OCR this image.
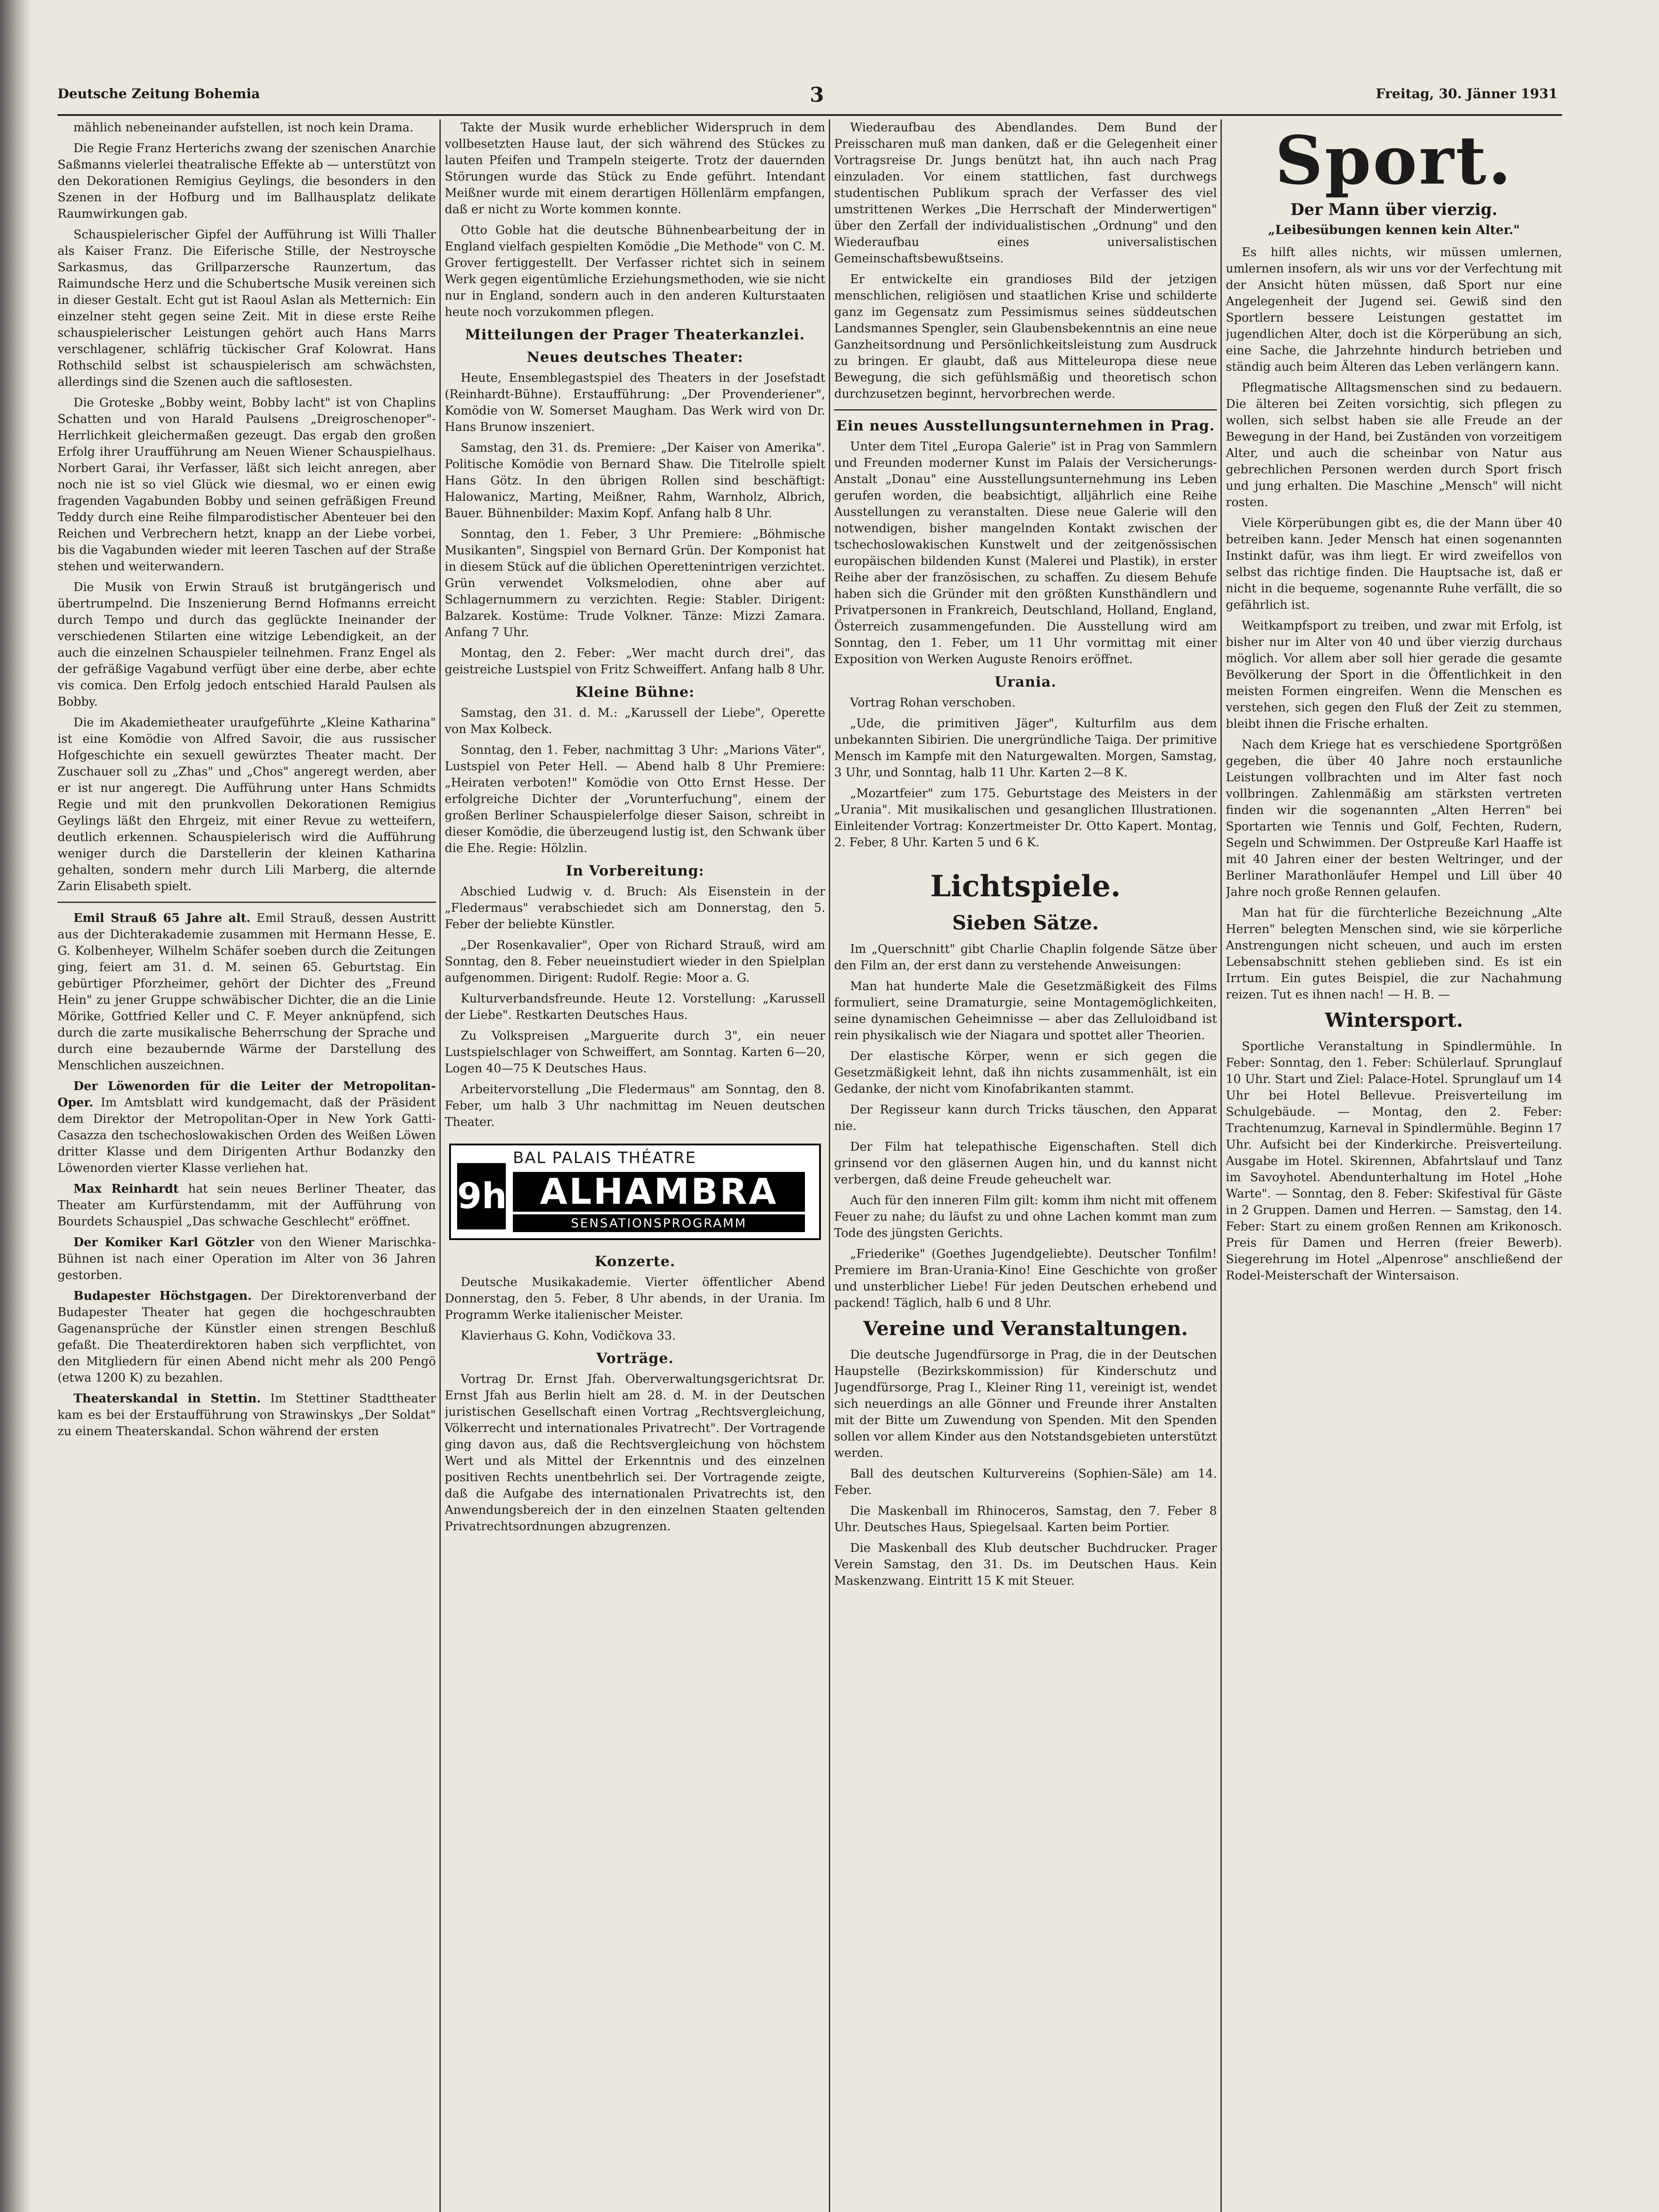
Deutsche Zeitung Bohemia	3	Freitag, 30. Jänner 1931

mählich nebeneinander aufstellen, ist noch kein Drama.

Die Regie Franz Herterichs zwang der szenischen Anarchie Saßmanns vielerlei theatralische Effekte ab — unterstützt von den Dekorationen Remigius Geylings, die besonders in den Szenen in der Hofburg und im Ballhausplatz delikate Raumwirkungen gab.

Schauspielerischer Gipfel der Aufführung ist Willi Thaller als Kaiser Franz. Die Eiferische Stille, der Nestroysche Sarkasmus, das Grillparzersche Raunzertum, das Raimundsche Herz und die Schubertsche Musik vereinen sich in dieser Gestalt. Echt gut ist Raoul Aslan als Metternich: Ein einzelner steht gegen seine Zeit. Mit in diese erste Reihe schauspielerischer Leistungen gehört auch Hans Marrs verschlagener, schläfrig tückischer Graf Kolowrat. Hans Rothschild selbst ist schauspielerisch am schwächsten, allerdings sind die Szenen auch die saftlosesten.

Die Groteske „Bobby weint, Bobby lacht" ist von Chaplins Schatten und von Harald Paulsens „Dreigroschenoper"-Herrlichkeit gleichermaßen gezeugt. Das ergab den großen Erfolg ihrer Uraufführung am Neuen Wiener Schauspielhaus. Norbert Garai, ihr Verfasser, läßt sich leicht anregen, aber noch nie ist so viel Glück wie diesmal, wo er einen ewig fragenden Vagabunden Bobby und seinen gefräßigen Freund Teddy durch eine Reihe filmparodistischer Abenteuer bei den Reichen und Verbrechern hetzt, knapp an der Liebe vorbei, bis die Vagabunden wieder mit leeren Taschen auf der Straße stehen und weiterwandern.

Die Musik von Erwin Strauß ist brutgängerisch und übertrumpelnd. Die Inszenierung Bernd Hofmanns erreicht durch Tempo und durch das geglückte Ineinander der verschiedenen Stilarten eine witzige Lebendigkeit, an der auch die einzelnen Schauspieler teilnehmen. Franz Engel als der gefräßige Vagabund verfügt über eine derbe, aber echte vis comica. Den Erfolg jedoch entschied Harald Paulsen als Bobby.

Die im Akademietheater uraufgeführte „Kleine Katharina" ist eine Komödie von Alfred Savoir, die aus russischer Hofgeschichte ein sexuell gewürztes Theater macht. Der Zuschauer soll zu „Zhas" und „Chos" angeregt werden, aber er ist nur angeregt. Die Aufführung unter Hans Schmidts Regie und mit den prunkvollen Dekorationen Remigius Geylings läßt den Ehrgeiz, mit einer Revue zu wetteifern, deutlich erkennen. Schauspielerisch wird die Aufführung weniger durch die Darstellerin der kleinen Katharina gehalten, sondern mehr durch Lili Marberg, die alternde Zarin Elisabeth spielt.

Emil Strauß 65 Jahre alt. Emil Strauß, dessen Austritt aus der Dichterakademie zusammen mit Hermann Hesse, E. G. Kolbenheyer, Wilhelm Schäfer soeben durch die Zeitungen ging, feiert am 31. d. M. seinen 65. Geburtstag. Ein gebürtiger Pforzheimer, gehört der Dichter des „Freund Hein" zu jener Gruppe schwäbischer Dichter, die an die Linie Mörike, Gottfried Keller und C. F. Meyer anknüpfend, sich durch die zarte musikalische Beherrschung der Sprache und durch eine bezaubernde Wärme der Darstellung des Menschlichen auszeichnen.

Der Löwenorden für die Leiter der Metropolitan-Oper. Im Amtsblatt wird kundgemacht, daß der Präsident dem Direktor der Metropolitan-Oper in New York Gatti-Casazza den tschechoslowakischen Orden des Weißen Löwen dritter Klasse und dem Dirigenten Arthur Bodanzky den Löwenorden vierter Klasse verliehen hat.

Max Reinhardt hat sein neues Berliner Theater, das Theater am Kurfürstendamm, mit der Aufführung von Bourdets Schauspiel „Das schwache Geschlecht" eröffnet.

Der Komiker Karl Götzler von den Wiener Marischka-Bühnen ist nach einer Operation im Alter von 36 Jahren gestorben.

Budapester Höchstgagen. Der Direktorenverband der Budapester Theater hat gegen die hochgeschraubten Gagenansprüche der Künstler einen strengen Beschluß gefaßt. Die Theaterdirektoren haben sich verpflichtet, von den Mitgliedern für einen Abend nicht mehr als 200 Pengö (etwa 1200 K) zu bezahlen.

Theaterskandal in Stettin. Im Stettiner Stadttheater kam es bei der Erstaufführung von Strawinskys „Der Soldat" zu einem Theaterskandal. Schon während der ersten

Takte der Musik wurde erheblicher Widerspruch in dem vollbesetzten Hause laut, der sich während des Stückes zu lauten Pfeifen und Trampeln steigerte. Trotz der dauernden Störungen wurde das Stück zu Ende geführt. Intendant Meißner wurde mit einem derartigen Höllenlärm empfangen, daß er nicht zu Worte kommen konnte.

Otto Goble hat die deutsche Bühnenbearbeitung der in England vielfach gespielten Komödie „Die Methode" von C. M. Grover fertiggestellt. Der Verfasser richtet sich in seinem Werk gegen eigentümliche Erziehungsmethoden, wie sie nicht nur in England, sondern auch in den anderen Kulturstaaten heute noch vorzukommen pflegen.

Mitteilungen der Prager Theaterkanzlei.
Neues deutsches Theater:

Heute, Ensemblegastspiel des Theaters in der Josefstadt (Reinhardt-Bühne). Erstaufführung: „Der Provenderiener", Komödie von W. Somerset Maugham. Das Werk wird von Dr. Hans Brunow inszeniert.

Samstag, den 31. ds. Premiere: „Der Kaiser von Amerika". Politische Komödie von Bernard Shaw. Die Titelrolle spielt Hans Götz. In den übrigen Rollen sind beschäftigt: Halowanicz, Marting, Meißner, Rahm, Warnholz, Albrich, Bauer. Bühnenbilder: Maxim Kopf. Anfang halb 8 Uhr.

Sonntag, den 1. Feber, 3 Uhr Premiere: „Böhmische Musikanten", Singspiel von Bernard Grün. Der Komponist hat in diesem Stück auf die üblichen Operettenintrigen verzichtet. Grün verwendet Volksmelodien, ohne aber auf Schlagernummern zu verzichten. Regie: Stabler. Dirigent: Balzarek. Kostüme: Trude Volkner. Tänze: Mizzi Zamara. Anfang 7 Uhr.

Montag, den 2. Feber: „Wer macht durch drei", das geistreiche Lustspiel von Fritz Schweiffert. Anfang halb 8 Uhr.

Kleine Bühne:

Samstag, den 31. d. M.: „Karussell der Liebe", Operette von Max Kolbeck.

Sonntag, den 1. Feber, nachmittag 3 Uhr: „Marions Väter", Lustspiel von Peter Hell. — Abend halb 8 Uhr Premiere: „Heiraten verboten!" Komödie von Otto Ernst Hesse. Der erfolgreiche Dichter der „Vorunterfuchung", einem der großen Berliner Schauspielerfolge dieser Saison, schreibt in dieser Komödie, die überzeugend lustig ist, den Schwank über die Ehe. Regie: Hölzlin.

In Vorbereitung:

Abschied Ludwig v. d. Bruch: Als Eisenstein in der „Fledermaus" verabschiedet sich am Donnerstag, den 5. Feber der beliebte Künstler.

„Der Rosenkavalier", Oper von Richard Strauß, wird am Sonntag, den 8. Feber neueinstudiert wieder in den Spielplan aufgenommen. Dirigent: Rudolf. Regie: Moor a. G.

Kulturverbandsfreunde. Heute 12. Vorstellung: „Karussell der Liebe". Restkarten Deutsches Haus.

Zu Volkspreisen „Marguerite durch 3", ein neuer Lustspielschlager von Schweiffert, am Sonntag. Karten 6—20, Logen 40—75 K Deutsches Haus.

Arbeitervorstellung „Die Fledermaus" am Sonntag, den 8. Feber, um halb 3 Uhr nachmittag im Neuen deutschen Theater.

BAL PALAIS THÉATRE
9h ALHAMBRA
SENSATIONSPROGRAMM
Konzerte.

Deutsche Musikakademie. Vierter öffentlicher Abend Donnerstag, den 5. Feber, 8 Uhr abends, in der Urania. Im Programm Werke italienischer Meister.

Klavierhaus G. Kohn, Vodičkova 33.

Vorträge.

Vortrag Dr. Ernst Jfah. Oberverwaltungsgerichtsrat Dr. Ernst Jfah aus Berlin hielt am 28. d. M. in der Deutschen juristischen Gesellschaft einen Vortrag „Rechtsvergleichung, Völkerrecht und internationales Privatrecht". Der Vortragende ging davon aus, daß die Rechtsvergleichung von höchstem Wert und als Mittel der Erkenntnis und des einzelnen positiven Rechts unentbehrlich sei. Der Vortragende zeigte, daß die Aufgabe des internationalen Privatrechts ist, den Anwendungsbereich der in den einzelnen Staaten geltenden Privatrechtsordnungen abzugrenzen.

Wiederaufbau des Abendlandes. Dem Bund der Preisscharen muß man danken, daß er die Gelegenheit einer Vortragsreise Dr. Jungs benützt hat, ihn auch nach Prag einzuladen. Vor einem stattlichen, fast durchwegs studentischen Publikum sprach der Verfasser des viel umstrittenen Werkes „Die Herrschaft der Minderwertigen" über den Zerfall der individualistischen „Ordnung" und den Wiederaufbau eines universalistischen Gemeinschaftsbewußtseins.

Er entwickelte ein grandioses Bild der jetzigen menschlichen, religiösen und staatlichen Krise und schilderte ganz im Gegensatz zum Pessimismus seines süddeutschen Landsmannes Spengler, sein Glaubensbekenntnis an eine neue Ganzheitsordnung und Persönlichkeitsleistung zum Ausdruck zu bringen. Er glaubt, daß aus Mitteleuropa diese neue Bewegung, die sich gefühlsmäßig und theoretisch schon durchzusetzen beginnt, hervorbrechen werde.

Ein neues Ausstellungsunternehmen in Prag.

Unter dem Titel „Europa Galerie" ist in Prag von Sammlern und Freunden moderner Kunst im Palais der Versicherungs-Anstalt „Donau" eine Ausstellungsunternehmung ins Leben gerufen worden, die beabsichtigt, alljährlich eine Reihe Ausstellungen zu veranstalten. Diese neue Galerie will den notwendigen, bisher mangelnden Kontakt zwischen der tschechoslowakischen Kunstwelt und der zeitgenössischen europäischen bildenden Kunst (Malerei und Plastik), in erster Reihe aber der französischen, zu schaffen. Zu diesem Behufe haben sich die Gründer mit den größten Kunsthändlern und Privatpersonen in Frankreich, Deutschland, Holland, England, Österreich zusammengefunden. Die Ausstellung wird am Sonntag, den 1. Feber, um 11 Uhr vormittag mit einer Exposition von Werken Auguste Renoirs eröffnet.

Urania.

Vortrag Rohan verschoben.

„Ude, die primitiven Jäger", Kulturfilm aus dem unbekannten Sibirien. Die unergründliche Taiga. Der primitive Mensch im Kampfe mit den Naturgewalten. Morgen, Samstag, 3 Uhr, und Sonntag, halb 11 Uhr. Karten 2—8 K.

„Mozartfeier" zum 175. Geburtstage des Meisters in der „Urania". Mit musikalischen und gesanglichen Illustrationen. Einleitender Vortrag: Konzertmeister Dr. Otto Kapert. Montag, 2. Feber, 8 Uhr. Karten 5 und 6 K.

Lichtspiele.
Sieben Sätze.

Im „Querschnitt" gibt Charlie Chaplin folgende Sätze über den Film an, der erst dann zu verstehende Anweisungen:

Man hat hunderte Male die Gesetzmäßigkeit des Films formuliert, seine Dramaturgie, seine Montagemöglichkeiten, seine dynamischen Geheimnisse — aber das Zelluloidband ist rein physikalisch wie der Niagara und spottet aller Theorien.

Der elastische Körper, wenn er sich gegen die Gesetzmäßigkeit lehnt, daß ihn nichts zusammenhält, ist ein Gedanke, der nicht vom Kinofabrikanten stammt.

Der Regisseur kann durch Tricks täuschen, den Apparat nie.

Der Film hat telepathische Eigenschaften. Stell dich grinsend vor den gläsernen Augen hin, und du kannst nicht verbergen, daß deine Freude geheuchelt war.

Auch für den inneren Film gilt: komm ihm nicht mit offenem Feuer zu nahe; du läufst zu und ohne Lachen kommt man zum Tode des jüngsten Gerichts.

„Friederike" (Goethes Jugendgeliebte). Deutscher Tonfilm! Premiere im Bran-Urania-Kino! Eine Geschichte von großer und unsterblicher Liebe! Für jeden Deutschen erhebend und packend! Täglich, halb 6 und 8 Uhr.

Vereine und Veranstaltungen.

Die deutsche Jugendfürsorge in Prag, die in der Deutschen Haupstelle (Bezirkskommission) für Kinderschutz und Jugendfürsorge, Prag I., Kleiner Ring 11, vereinigt ist, wendet sich neuerdings an alle Gönner und Freunde ihrer Anstalten mit der Bitte um Zuwendung von Spenden. Mit den Spenden sollen vor allem Kinder aus den Notstandsgebieten unterstützt werden.

Ball des deutschen Kulturvereins (Sophien-Säle) am 14. Feber.

Die Maskenball im Rhinoceros, Samstag, den 7. Feber 8 Uhr. Deutsches Haus, Spiegelsaal. Karten beim Portier.

Die Maskenball des Klub deutscher Buchdrucker. Prager Verein Samstag, den 31. Ds. im Deutschen Haus. Kein Maskenzwang. Eintritt 15 K mit Steuer.

Sport.
Der Mann über vierzig.
„Leibesübungen kennen kein Alter."

Es hilft alles nichts, wir müssen umlernen, umlernen insofern, als wir uns vor der Verfechtung mit der Ansicht hüten müssen, daß Sport nur eine Angelegenheit der Jugend sei. Gewiß sind den Sportlern bessere Leistungen gestattet im jugendlichen Alter, doch ist die Körperübung an sich, eine Sache, die Jahrzehnte hindurch betrieben und ständig auch beim Älteren das Leben verlängern kann.

Pflegmatische Alltagsmenschen sind zu bedauern. Die älteren bei Zeiten vorsichtig, sich pflegen zu wollen, sich selbst haben sie alle Freude an der Bewegung in der Hand, bei Zuständen von vorzeitigem Alter, und auch die scheinbar von Natur aus gebrechlichen Personen werden durch Sport frisch und jung erhalten. Die Maschine „Mensch" will nicht rosten.

Viele Körperübungen gibt es, die der Mann über 40 betreiben kann. Jeder Mensch hat einen sogenannten Instinkt dafür, was ihm liegt. Er wird zweifellos von selbst das richtige finden. Die Hauptsache ist, daß er nicht in die bequeme, sogenannte Ruhe verfällt, die so gefährlich ist.

Weitkampfsport zu treiben, und zwar mit Erfolg, ist bisher nur im Alter von 40 und über vierzig durchaus möglich. Vor allem aber soll hier gerade die gesamte Bevölkerung der Sport in die Öffentlichkeit in den meisten Formen eingreifen. Wenn die Menschen es verstehen, sich gegen den Fluß der Zeit zu stemmen, bleibt ihnen die Frische erhalten.

Nach dem Kriege hat es verschiedene Sportgrößen gegeben, die über 40 Jahre noch erstaunliche Leistungen vollbrachten und im Alter fast noch vollbringen. Zahlenmäßig am stärksten vertreten finden wir die sogenannten „Alten Herren" bei Sportarten wie Tennis und Golf, Fechten, Rudern, Segeln und Schwimmen. Der Ostpreuße Karl Haaffe ist mit 40 Jahren einer der besten Weltringer, und der Berliner Marathonläufer Hempel und Lill über 40 Jahre noch große Rennen gelaufen.

Man hat für die fürchterliche Bezeichnung „Alte Herren" belegten Menschen sind, wie sie körperliche Anstrengungen nicht scheuen, und auch im ersten Lebensabschnitt stehen geblieben sind. Es ist ein Irrtum. Ein gutes Beispiel, die zur Nachahmung reizen. Tut es ihnen nach! — H. B. —

Wintersport.

Sportliche Veranstaltung in Spindlermühle. In Feber: Sonntag, den 1. Feber: Schülerlauf. Sprunglauf 10 Uhr. Start und Ziel: Palace-Hotel. Sprunglauf um 14 Uhr bei Hotel Bellevue. Preisverteilung im Schulgebäude. — Montag, den 2. Feber: Trachtenumzug, Karneval in Spindlermühle. Beginn 17 Uhr. Aufsicht bei der Kinderkirche. Preisverteilung. Ausgabe im Hotel. Skirennen, Abfahrtslauf und Tanz im Savoyhotel. Abendunterhaltung im Hotel „Hohe Warte". — Sonntag, den 8. Feber: Skifestival für Gäste in 2 Gruppen. Damen und Herren. — Samstag, den 14. Feber: Start zu einem großen Rennen am Krikonosch. Preis für Damen und Herren (freier Bewerb). Siegerehrung im Hotel „Alpenrose" anschließend der Rodel-Meisterschaft der Wintersaison.
